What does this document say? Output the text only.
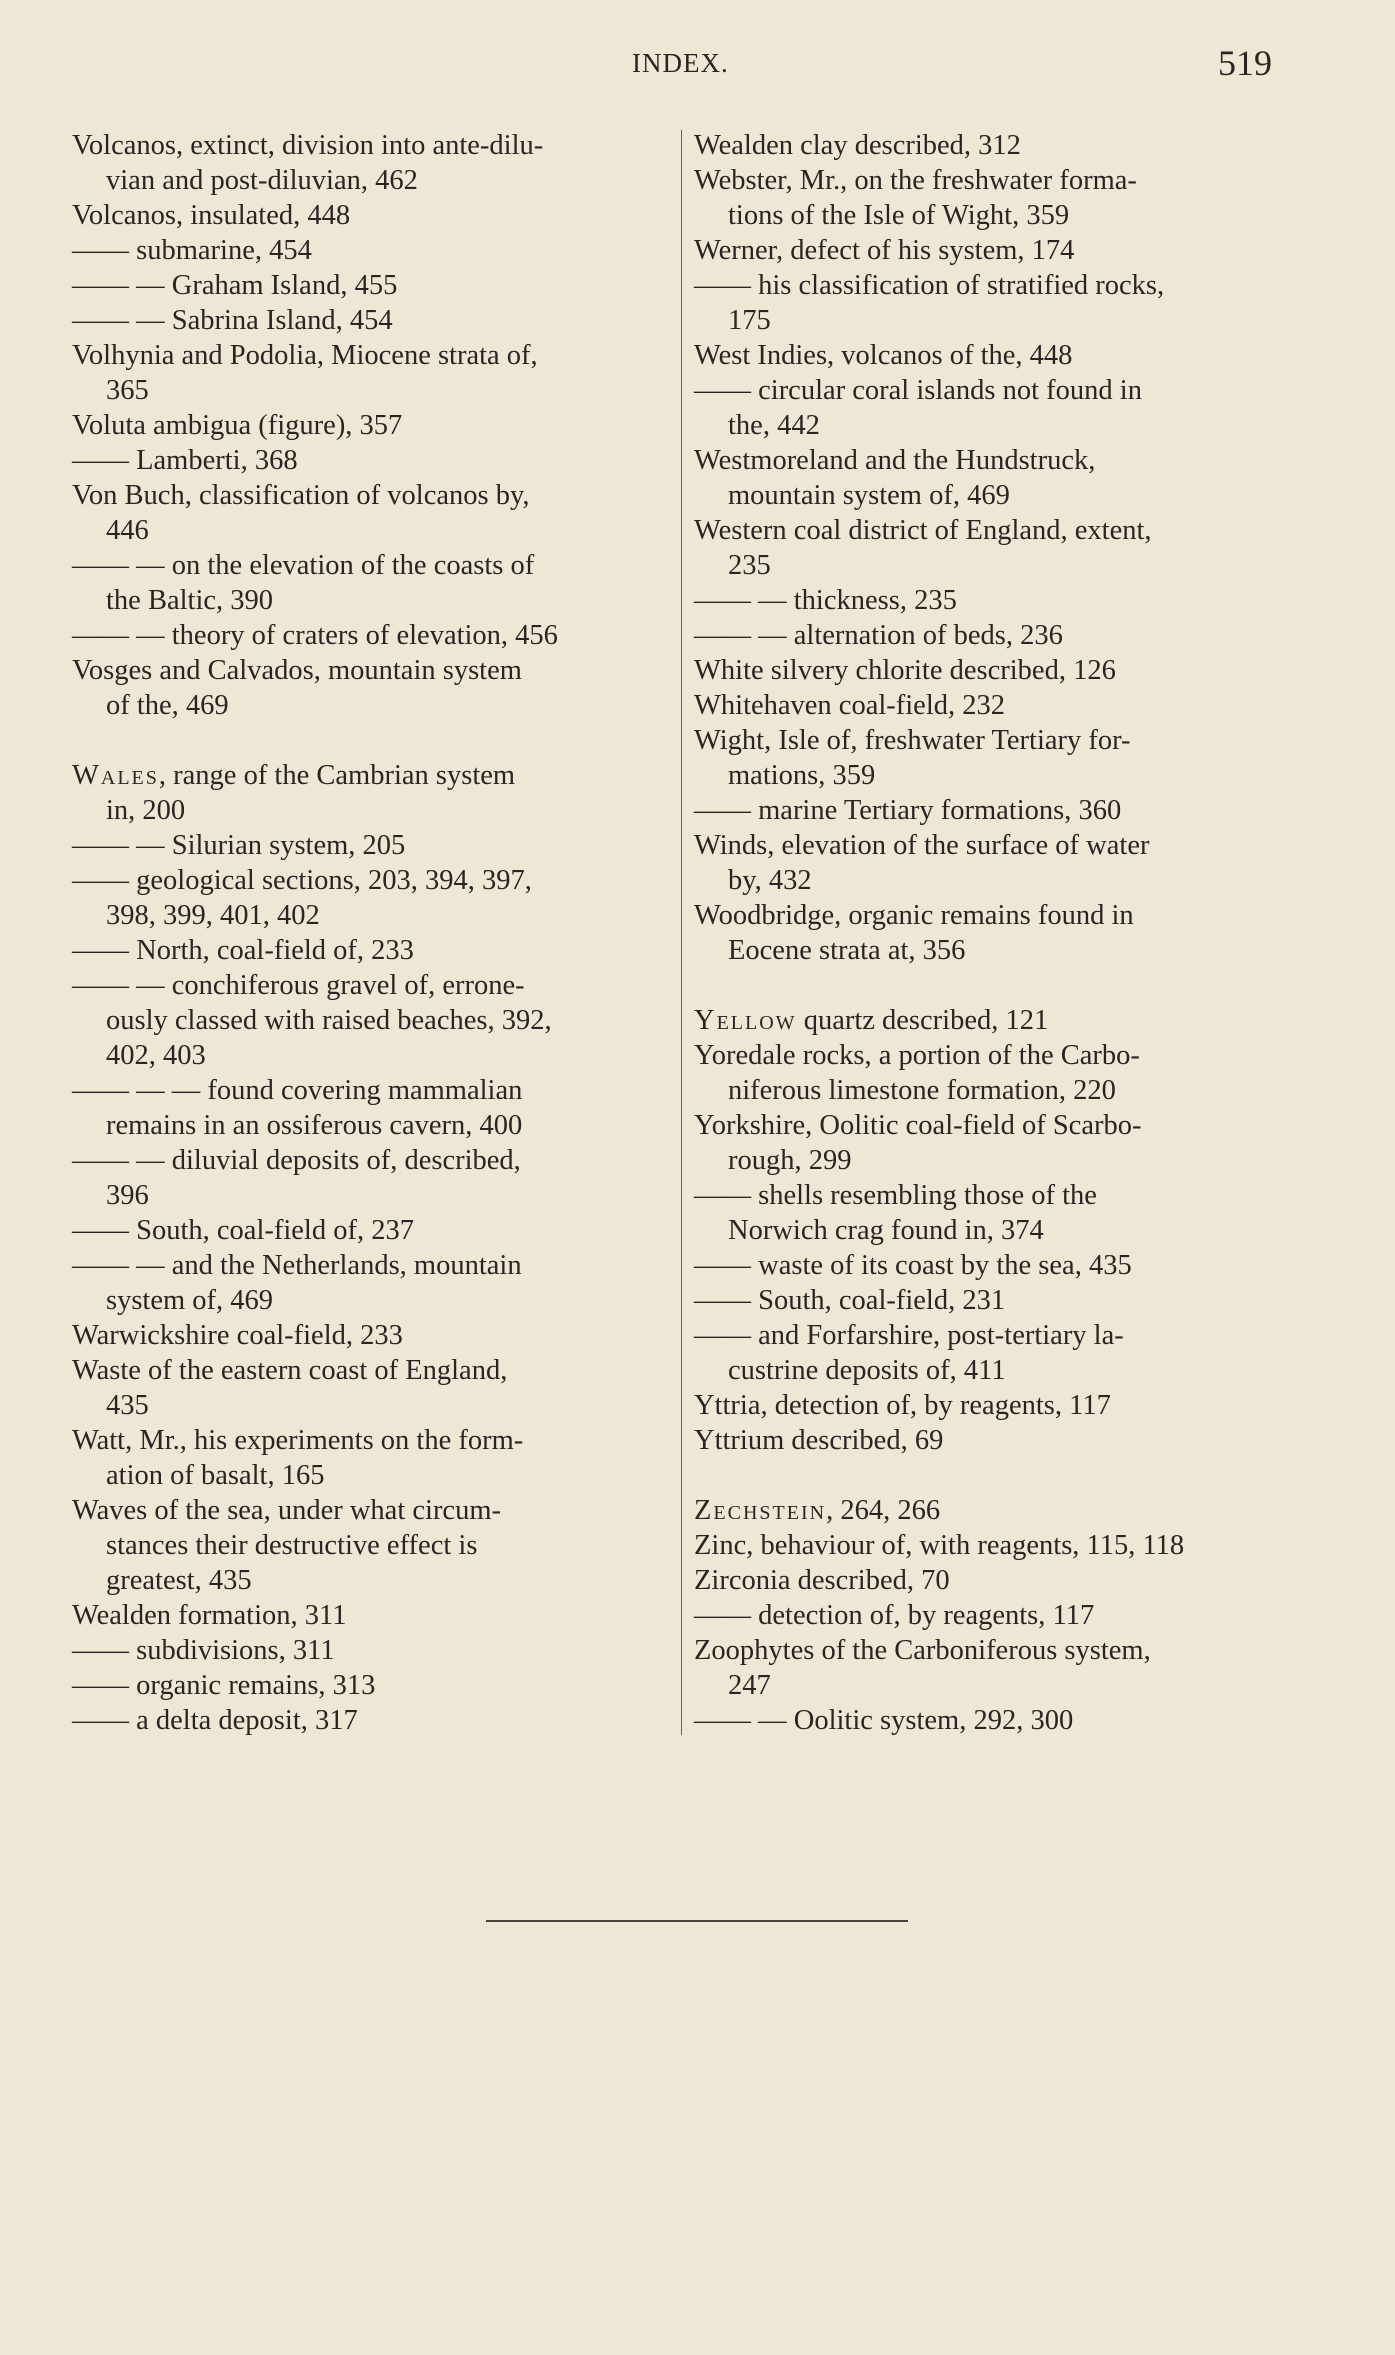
INDEX.	519
Volcanos, extinct, division into ante-dilu-
vian and post-diluvian, 462
Volcanos, insulated, 448
—— submarine, 454
—— — Graham Island, 455
—— — Sabrina Island, 454
Volhynia and Podolia, Miocene strata of,
365
Voluta ambigua (figure), 357
—— Lamberti, 368
Von Buch, classification of volcanos by,
446
—— — on the elevation of the coasts of
the Baltic, 390
—— — theory of craters of elevation, 456
Vosges and Calvados, mountain system
of the, 469
Wales, range of the Cambrian system
in, 200
—— — Silurian system, 205
—— geological sections, 203, 394, 397,
398, 399, 401, 402
—— North, coal-field of, 233
—— — conchiferous gravel of, errone-
ously classed with raised beaches, 392,
402, 403
—— — — found covering mammalian
remains in an ossiferous cavern, 400
—— — diluvial deposits of, described,
396
—— South, coal-field of, 237
—— — and the Netherlands, mountain
system of, 469
Warwickshire coal-field, 233
Waste of the eastern coast of England,
435
Watt, Mr., his experiments on the form-
ation of basalt, 165
Waves of the sea, under what circum-
stances their destructive effect is
greatest, 435
Wealden formation, 311
—— subdivisions, 311
—— organic remains, 313
—— a delta deposit, 317
Wealden clay described, 312
Webster, Mr., on the freshwater forma-
tions of the Isle of Wight, 359
Werner, defect of his system, 174
—— his classification of stratified rocks,
175
West Indies, volcanos of the, 448
—— circular coral islands not found in
the, 442
Westmoreland and the Hundstruck,
mountain system of, 469
Western coal district of England, extent,
235
—— — thickness, 235
—— — alternation of beds, 236
White silvery chlorite described, 126
Whitehaven coal-field, 232
Wight, Isle of, freshwater Tertiary for-
mations, 359
—— marine Tertiary formations, 360
Winds, elevation of the surface of water
by, 432
Woodbridge, organic remains found in
Eocene strata at, 356
Yellow quartz described, 121
Yoredale rocks, a portion of the Carbo-
niferous limestone formation, 220
Yorkshire, Oolitic coal-field of Scarbo-
rough, 299
—— shells resembling those of the
Norwich crag found in, 374
—— waste of its coast by the sea, 435
—— South, coal-field, 231
—— and Forfarshire, post-tertiary la-
custrine deposits of, 411
Yttria, detection of, by reagents, 117
Yttrium described, 69
Zechstein, 264, 266
Zinc, behaviour of, with reagents, 115, 118
Zirconia described, 70
—— detection of, by reagents, 117
Zoophytes of the Carboniferous system,
247
—— — Oolitic system, 292, 300
